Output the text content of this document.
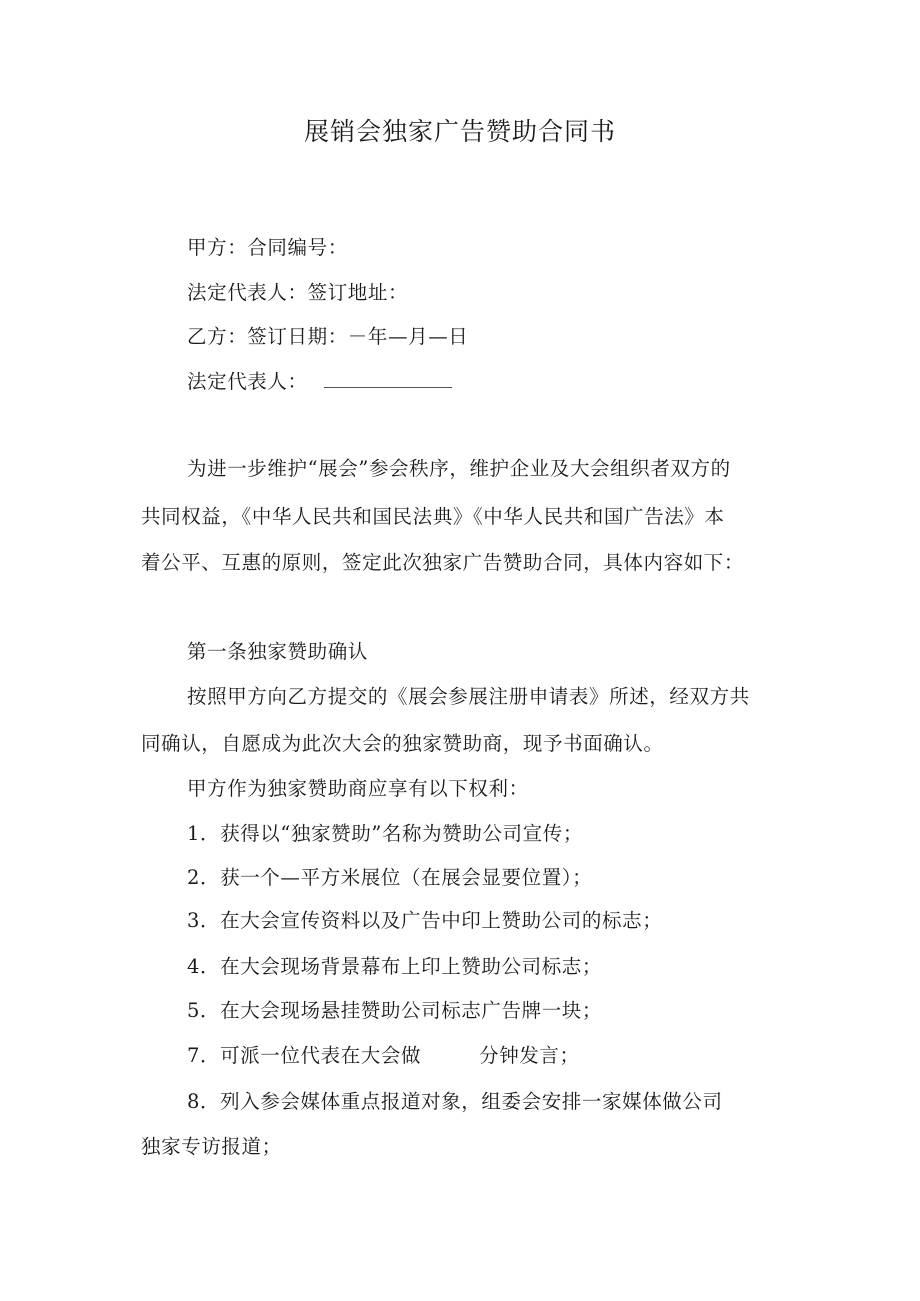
展销会独家广告赞助合同书
甲方：合同编号：
法定代表人：签订地址：
乙方：签订日期：－年—月—日
法定代表人：
为进一步维护“展会”参会秩序，维护企业及大会组织者双方的
共同权益，《中华人民共和国民法典》《中华人民共和国广告法》本
着公平、互惠的原则，签定此次独家广告赞助合同，具体内容如下：
第一条独家赞助确认
按照甲方向乙方提交的《展会参展注册申请表》所述，经双方共
同确认，自愿成为此次大会的独家赞助商，现予书面确认。
甲方作为独家赞助商应享有以下权利：
1．获得以“独家赞助”名称为赞助公司宣传；
2．获一个—平方米展位（在展会显要位置）；
3．在大会宣传资料以及广告中印上赞助公司的标志；
4．在大会现场背景幕布上印上赞助公司标志；
5．在大会现场悬挂赞助公司标志广告牌一块；
7．可派一位代表在大会做	分钟发言；
8．列入参会媒体重点报道对象，组委会安排一家媒体做公司
独家专访报道；
